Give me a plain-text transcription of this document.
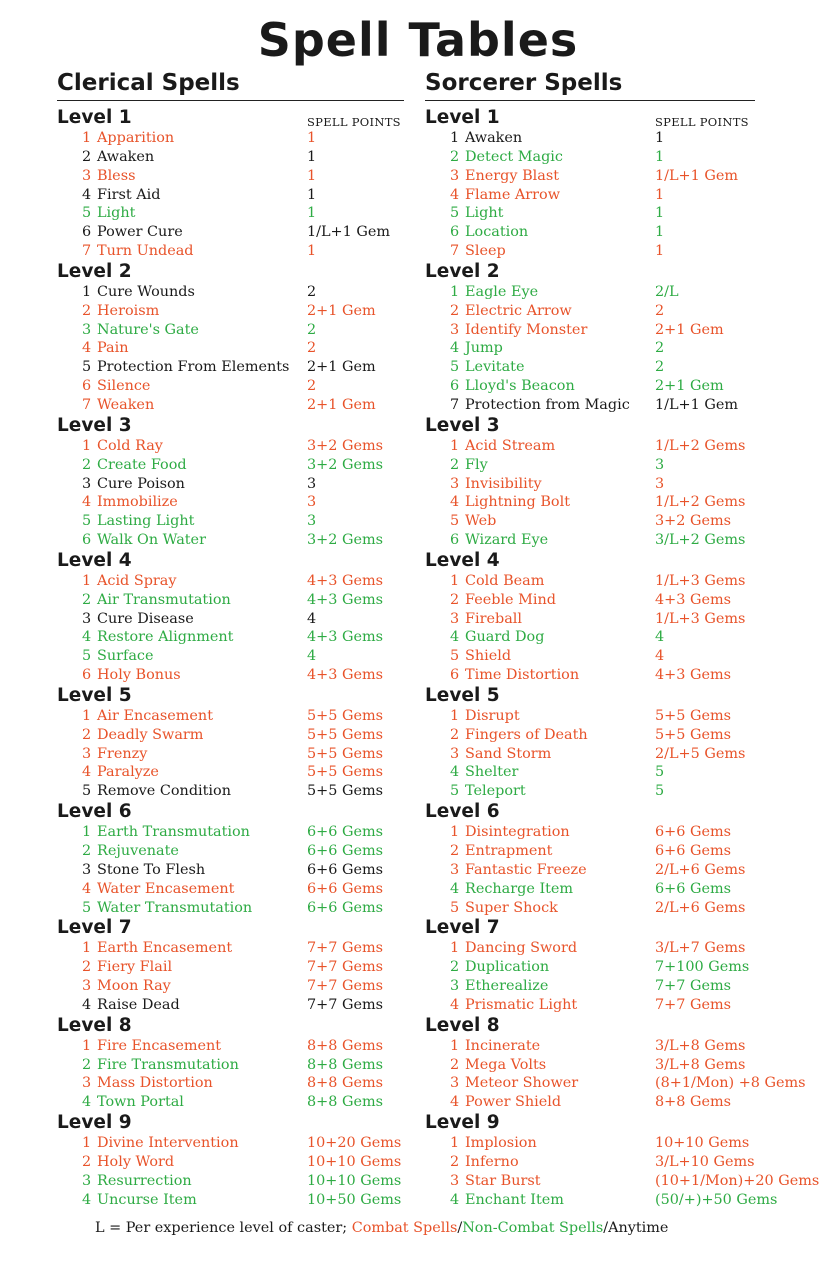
Spell Tables
Clerical Spells
Level 1	SPELL POINTS
1 Apparition	1
2 Awaken	1
3 Bless	1
4 First Aid	1
5 Light	1
6 Power Cure	1/L+1 Gem
7 Turn Undead	1
Level 2
1 Cure Wounds	2
2 Heroism	2+1 Gem
3 Nature's Gate	2
4 Pain	2
5 Protection From Elements 2+1 Gem
6 Silence	2
7 Weaken	2+1 Gem
Level 3
1 Cold Ray	3+2 Gems
2 Create Food	3+2 Gems
3 Cure Poison	3
4 Immobilize	3
5 Lasting Light	3
6 Walk On Water	3+2 Gems
Level 4
1 Acid Spray	4+3 Gems
2 Air Transmutation	4+3 Gems
3 Cure Disease	4
4 Restore Alignment	4+3 Gems
5 Surface	4
6 Holy Bonus	4+3 Gems
Level 5
1 Air Encasement	5+5 Gems
2 Deadly Swarm	5+5 Gems
3 Frenzy	5+5 Gems
4 Paralyze	5+5 Gems
5 Remove Condition	5+5 Gems
Level 6
1 Earth Transmutation	6+6 Gems
2 Rejuvenate	6+6 Gems
3 Stone To Flesh	6+6 Gems
4 Water Encasement	6+6 Gems
5 Water Transmutation	6+6 Gems
Level 7
1 Earth Encasement	7+7 Gems
2 Fiery Flail	7+7 Gems
3 Moon Ray	7+7 Gems
4 Raise Dead	7+7 Gems
Level 8
1 Fire Encasement	8+8 Gems
2 Fire Transmutation	8+8 Gems
3 Mass Distortion	8+8 Gems
4 Town Portal	8+8 Gems
Level 9
1 Divine Intervention	10+20 Gems
2 Holy Word	10+10 Gems
3 Resurrection	10+10 Gems
4 Uncurse Item	10+50 Gems
Sorcerer Spells
Level 1	SPELL POINTS
1 Awaken	1
2 Detect Magic	1
3 Energy Blast	1/L+1 Gem
4 Flame Arrow	1
5 Light	1
6 Location	1
7 Sleep	1
Level 2
1 Eagle Eye	2/L
2 Electric Arrow	2
3 Identify Monster	2+1 Gem
4 Jump	2
5 Levitate	2
6 Lloyd's Beacon	2+1 Gem
7 Protection from Magic 1/L+1 Gem
Level 3
1 Acid Stream	1/L+2 Gems
2 Fly	3
3 Invisibility	3
4 Lightning Bolt	1/L+2 Gems
5 Web	3+2 Gems
6 Wizard Eye	3/L+2 Gems
Level 4
1 Cold Beam	1/L+3 Gems
2 Feeble Mind	4+3 Gems
3 Fireball	1/L+3 Gems
4 Guard Dog	4
5 Shield	4
6 Time Distortion	4+3 Gems
Level 5
1 Disrupt	5+5 Gems
2 Fingers of Death	5+5 Gems
3 Sand Storm	2/L+5 Gems
4 Shelter	5
5 Teleport	5
Level 6
1 Disintegration	6+6 Gems
2 Entrapment	6+6 Gems
3 Fantastic Freeze	2/L+6 Gems
4 Recharge Item	6+6 Gems
5 Super Shock	2/L+6 Gems
Level 7
1 Dancing Sword	3/L+7 Gems
2 Duplication	7+100 Gems
3 Etherealize	7+7 Gems
4 Prismatic Light	7+7 Gems
Level 8
1 Incinerate	3/L+8 Gems
2 Mega Volts	3/L+8 Gems
3 Meteor Shower	(8+1/Mon) +8 Gems
4 Power Shield	8+8 Gems
Level 9
1 Implosion	10+10 Gems
2 Inferno	3/L+10 Gems
3 Star Burst	(10+1/Mon)+20 Gems
4 Enchant Item	(50/+)+50 Gems
L = Per experience level of caster; Combat Spells/Non-Combat Spells/Anytime
